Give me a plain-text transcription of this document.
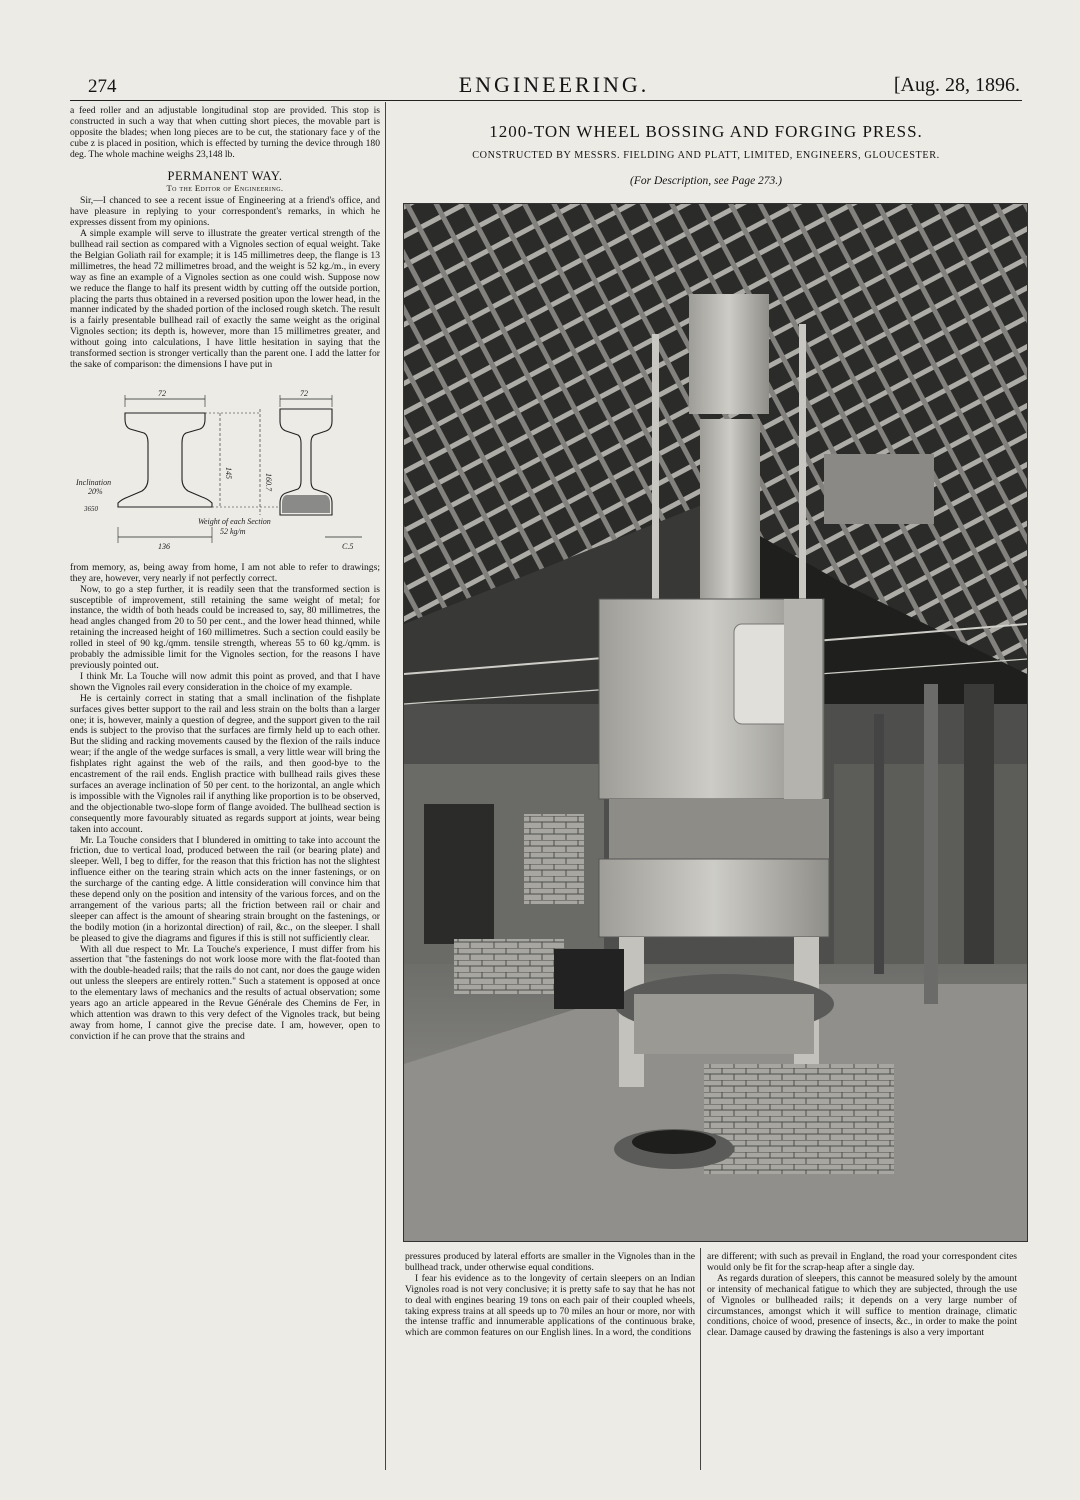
274	ENGINEERING.	[Aug. 28, 1896.

a feed roller and an adjustable longitudinal stop are provided. This stop is constructed in such a way that when cutting short pieces, the movable part is opposite the blades; when long pieces are to be cut, the stationary face y of the cube z is placed in position, which is effected by turning the device through 180 deg. The whole machine weighs 23,148 lb.

PERMANENT WAY.
To the Editor of Engineering.

Sir,—I chanced to see a recent issue of Engineering at a friend's office, and have pleasure in replying to your correspondent's remarks, in which he expresses dissent from my opinions.

A simple example will serve to illustrate the greater vertical strength of the bullhead rail section as compared with a Vignoles section of equal weight. Take the Belgian Goliath rail for example; it is 145 millimetres deep, the flange is 13 millimetres, the head 72 millimetres broad, and the weight is 52 kg./m., in every way as fine an example of a Vignoles section as one could wish. Suppose now we reduce the flange to half its present width by cutting off the outside portion, placing the parts thus obtained in a reversed position upon the lower head, in the manner indicated by the shaded portion of the inclosed rough sketch. The result is a fairly presentable bullhead rail of exactly the same weight as the original Vignoles section; its depth is, however, more than 15 millimetres greater, and without going into calculations, I have little hesitation in saying that the transformed section is stronger vertically than the parent one. I add the latter for the sake of comparison: the dimensions I have put in

72	72
145	160.7
Inclination
20%
3650
Weight of each Section
52 kg/m
136	C.5

from memory, as, being away from home, I am not able to refer to drawings; they are, however, very nearly if not perfectly correct.

Now, to go a step further, it is readily seen that the transformed section is susceptible of improvement, still retaining the same weight of metal; for instance, the width of both heads could be increased to, say, 80 millimetres, the head angles changed from 20 to 50 per cent., and the lower head thinned, while retaining the increased height of 160 millimetres. Such a section could easily be rolled in steel of 90 kg./qmm. tensile strength, whereas 55 to 60 kg./qmm. is probably the admissible limit for the Vignoles section, for the reasons I have previously pointed out.

I think Mr. La Touche will now admit this point as proved, and that I have shown the Vignoles rail every consideration in the choice of my example.

He is certainly correct in stating that a small inclination of the fishplate surfaces gives better support to the rail and less strain on the bolts than a larger one; it is, however, mainly a question of degree, and the support given to the rail ends is subject to the proviso that the surfaces are firmly held up to each other. But the sliding and racking movements caused by the flexion of the rails induce wear; if the angle of the wedge surfaces is small, a very little wear will bring the fishplates right against the web of the rails, and then good-bye to the encastrement of the rail ends. English practice with bullhead rails gives these surfaces an average inclination of 50 per cent. to the horizontal, an angle which is impossible with the Vignoles rail if anything like proportion is to be observed, and the objectionable two-slope form of flange avoided. The bullhead section is consequently more favourably situated as regards support at joints, wear being taken into account.

Mr. La Touche considers that I blundered in omitting to take into account the friction, due to vertical load, produced between the rail (or bearing plate) and sleeper. Well, I beg to differ, for the reason that this friction has not the slightest influence either on the tearing strain which acts on the inner fastenings, or on the surcharge of the canting edge. A little consideration will convince him that these depend only on the position and intensity of the various forces, and on the arrangement of the various parts; all the friction between rail or chair and sleeper can affect is the amount of shearing strain brought on the fastenings, or the bodily motion (in a horizontal direction) of rail, &c., on the sleeper. I shall be pleased to give the diagrams and figures if this is still not sufficiently clear.

With all due respect to Mr. La Touche's experience, I must differ from his assertion that "the fastenings do not work loose more with the flat-footed than with the double-headed rails; that the rails do not cant, nor does the gauge widen out unless the sleepers are entirely rotten." Such a statement is opposed at once to the elementary laws of mechanics and the results of actual observation; some years ago an article appeared in the Revue Générale des Chemins de Fer, in which attention was drawn to this very defect of the Vignoles track, but being away from home, I cannot give the precise date. I am, however, open to conviction if he can prove that the strains and

1200-TON WHEEL BOSSING AND FORGING PRESS.
CONSTRUCTED BY MESSRS. FIELDING AND PLATT, LIMITED, ENGINEERS, GLOUCESTER.
(For Description, see Page 273.)

pressures produced by lateral efforts are smaller in the Vignoles than in the bullhead track, under otherwise equal conditions.

I fear his evidence as to the longevity of certain sleepers on an Indian Vignoles road is not very conclusive; it is pretty safe to say that he has not to deal with engines bearing 19 tons on each pair of their coupled wheels, taking express trains at all speeds up to 70 miles an hour or more, nor with the intense traffic and innumerable applications of the continuous brake, which are common features on our English lines. In a word, the conditions

are different; with such as prevail in England, the road your correspondent cites would only be fit for the scrap-heap after a single day.

As regards duration of sleepers, this cannot be measured solely by the amount or intensity of mechanical fatigue to which they are subjected, through the use of Vignoles or bullheaded rails; it depends on a very large number of circumstances, amongst which it will suffice to mention drainage, climatic conditions, choice of wood, presence of insects, &c., in order to make the point clear. Damage caused by drawing the fastenings is also a very important
